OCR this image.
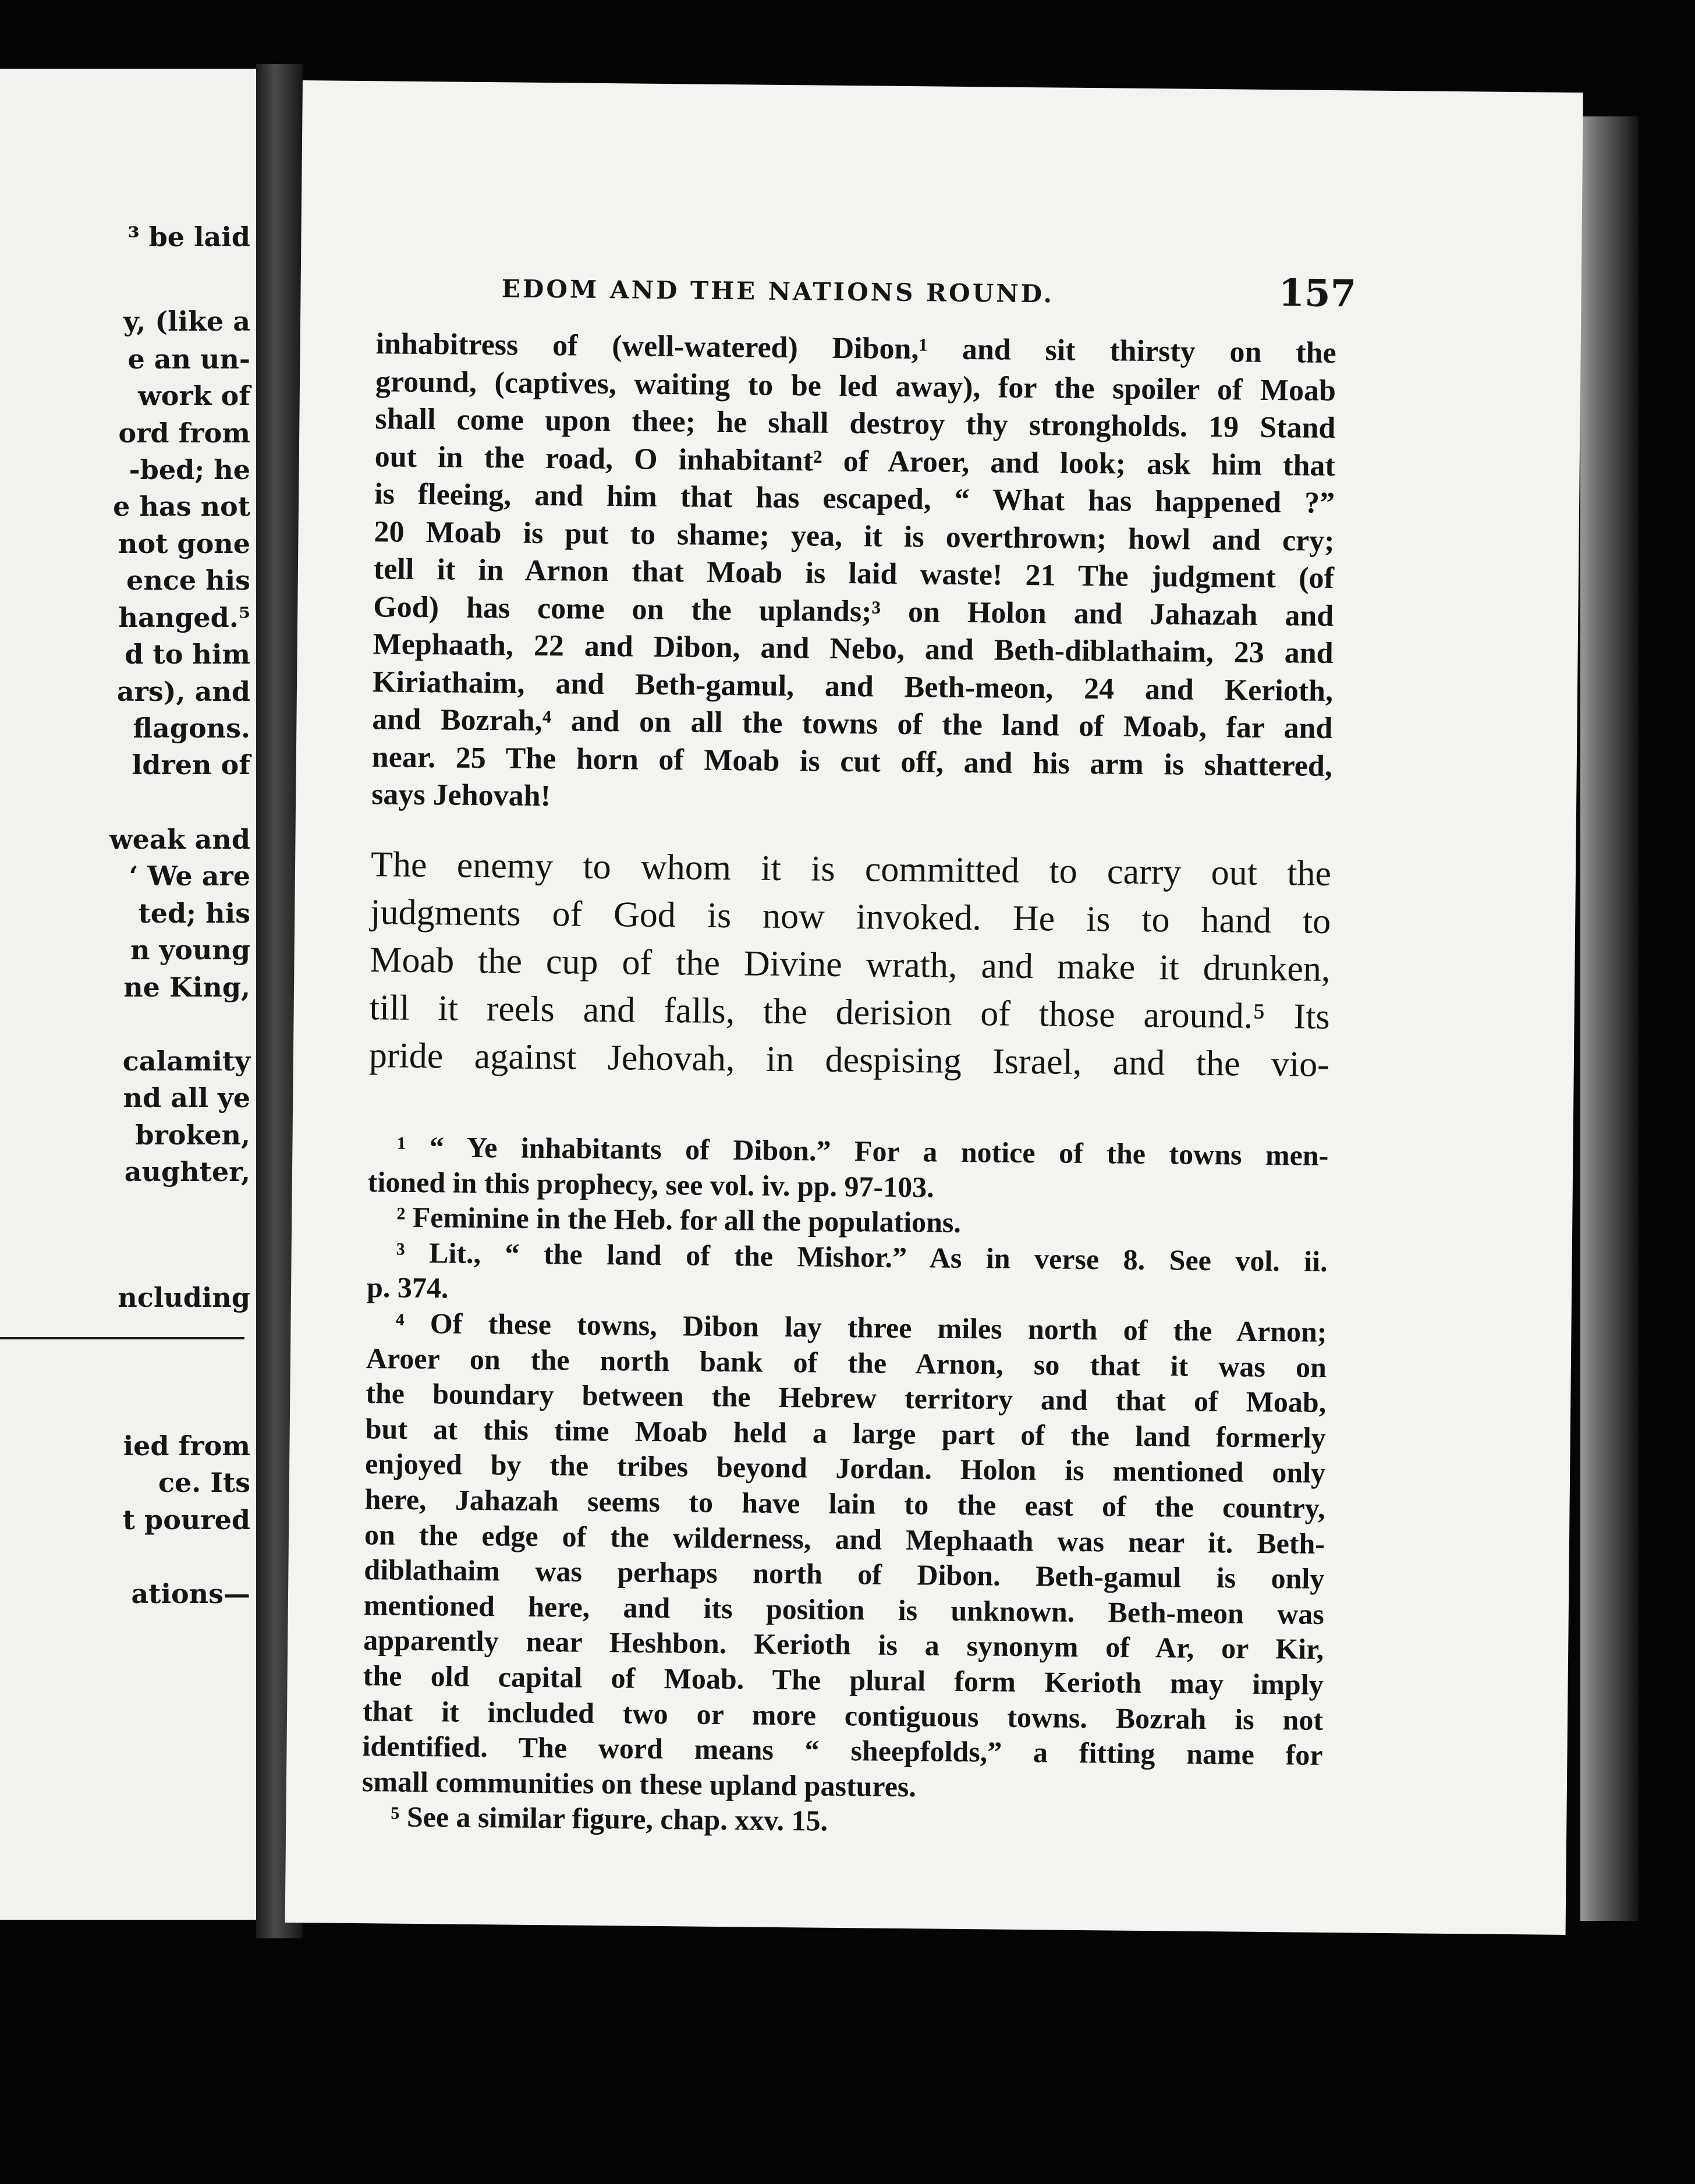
³ be laid
y, (like a
e an un-
work of
ord from
-bed; he
e has not
not gone
ence his
hanged.⁵
d to him
ars), and
flagons.
ldren of
weak and
‘ We are
ted; his
n young
ne King,
calamity
nd all ye
broken,
aughter,
ncluding
ied from
ce. Its
t poured
ations—
EDOM AND THE NATIONS ROUND.	157
inhabitress of (well-watered) Dibon,¹ and sit thirsty on the
ground, (captives, waiting to be led away), for the spoiler of Moab
shall come upon thee; he shall destroy thy strongholds. 19 Stand
out in the road, O inhabitant² of Aroer, and look; ask him that
is fleeing, and him that has escaped, “ What has happened ?”
20 Moab is put to shame; yea, it is overthrown; howl and cry;
tell it in Arnon that Moab is laid waste! 21 The judgment (of
God) has come on the uplands;³ on Holon and Jahazah and
Mephaath, 22 and Dibon, and Nebo, and Beth-diblathaim, 23 and
Kiriathaim, and Beth-gamul, and Beth-meon, 24 and Kerioth,
and Bozrah,⁴ and on all the towns of the land of Moab, far and
near. 25 The horn of Moab is cut off, and his arm is shattered,
says Jehovah!
The enemy to whom it is committed to carry out the
judgments of God is now invoked. He is to hand to
Moab the cup of the Divine wrath, and make it drunken,
till it reels and falls, the derision of those around.⁵ Its
pride against Jehovah, in despising Israel, and the vio-
¹ “ Ye inhabitants of Dibon.” For a notice of the towns men-
tioned in this prophecy, see vol. iv. pp. 97-103.
² Feminine in the Heb. for all the populations.
³ Lit., “ the land of the Mishor.” As in verse 8. See vol. ii.
p. 374.
⁴ Of these towns, Dibon lay three miles north of the Arnon;
Aroer on the north bank of the Arnon, so that it was on
the boundary between the Hebrew territory and that of Moab,
but at this time Moab held a large part of the land formerly
enjoyed by the tribes beyond Jordan. Holon is mentioned only
here, Jahazah seems to have lain to the east of the country,
on the edge of the wilderness, and Mephaath was near it. Beth-
diblathaim was perhaps north of Dibon. Beth-gamul is only
mentioned here, and its position is unknown. Beth-meon was
apparently near Heshbon. Kerioth is a synonym of Ar, or Kir,
the old capital of Moab. The plural form Kerioth may imply
that it included two or more contiguous towns. Bozrah is not
identified. The word means “ sheepfolds,” a fitting name for
small communities on these upland pastures.
⁵ See a similar figure, chap. xxv. 15.
